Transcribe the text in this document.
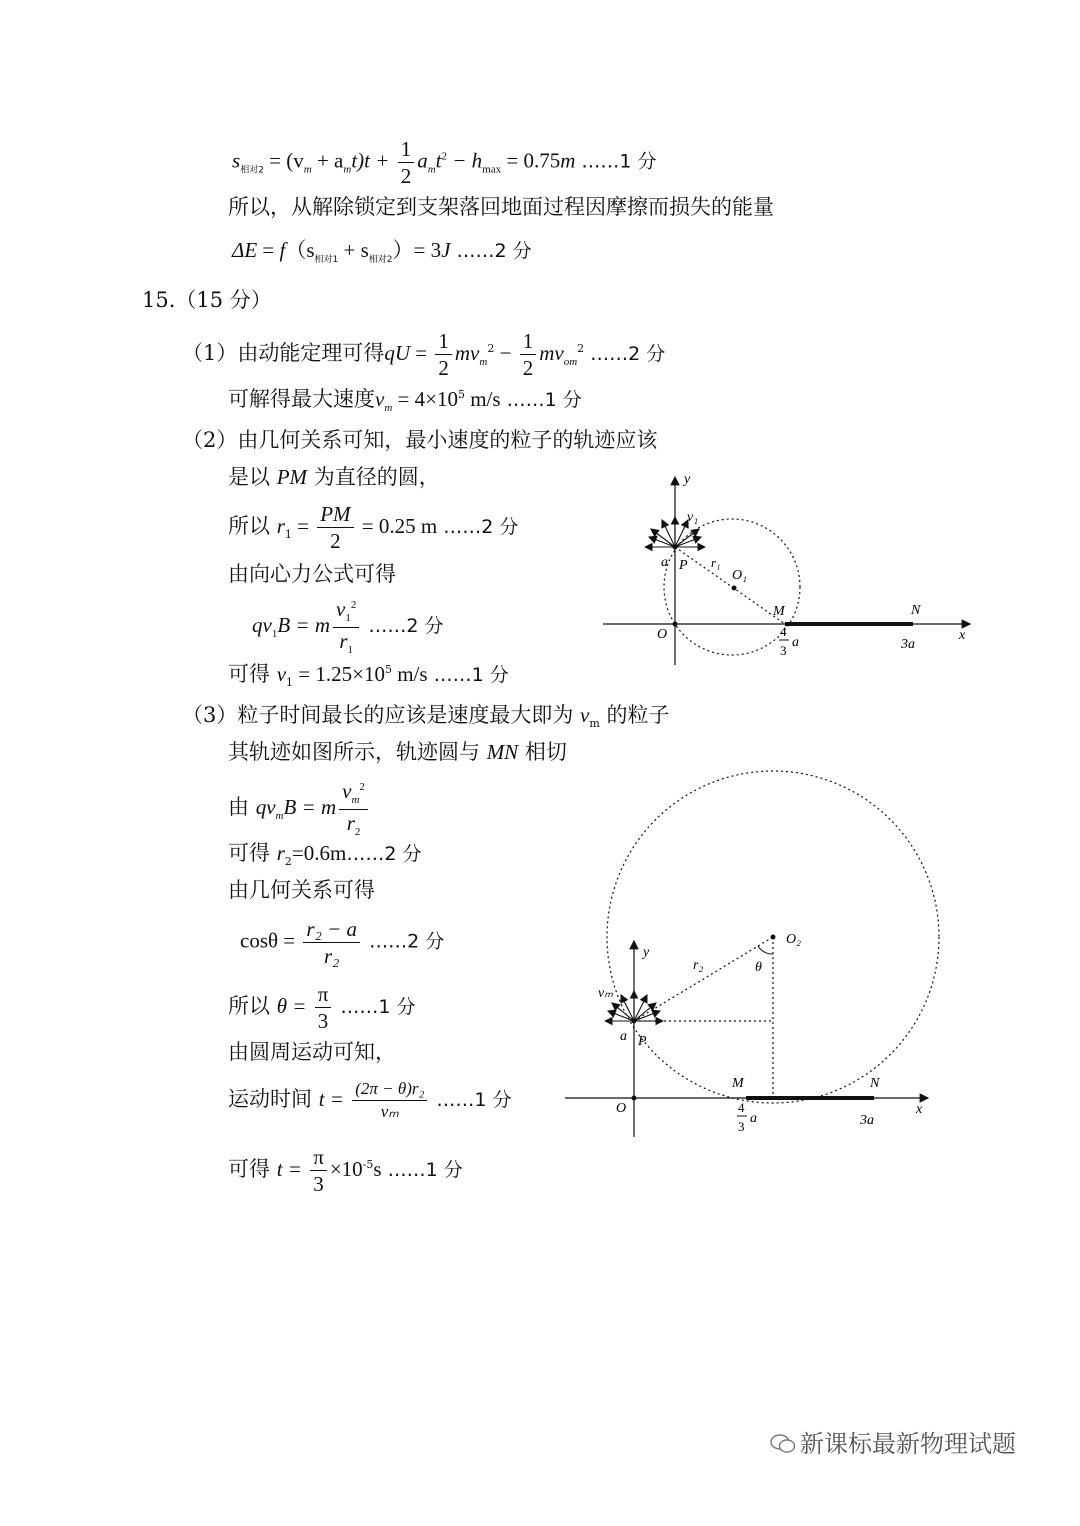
$s_{相对2} = (v_m + a_mt)t + \frac{1}{2} a_mt^2 - h_{max} = 0.75m$ ……1 分
所以，从解除锁定到支架落回地面过程因摩擦而损失的能量
$\Delta E = f(s_{相对1} + s_{相对2})= 3J$ ……2 分
15.（15 分）
（1）由动能定理可得qU = $\frac{1}{2} mv_m^2 - \frac{1}{2} mv_{om}^2$ ……2 分
可解得最大速度$v_m = 4\times 10^5$ m/s ……1 分
（2）由几何关系可知，最小速度的粒子的轨迹应该
是以 PM 为直径的圆，
所以 $r_1 = \frac{PM}{2} = 0.25$ m ……2 分
由向心力公式可得
$qv_1B = m \frac{v_1^2}{r_1}$ ……2 分
可得 $v_1 = 1.25\times 10^5$ m/s ……1 分
（3）粒子时间最长的应该是速度最大即为 $v_m$ 的粒子
其轨迹如图所示，轨迹圆与 MN 相切
由 $qv_mB = m \frac{v_m^2}{r_2}$
可得 $r_2=0.6m\dots\dots 2$ 分
由几何关系可得
$\cos\theta = \frac{\text{r₂ − a}}{\text{r₂}}$ ……2 分
所以 $\theta = \frac{\pi}{3}$ ……1 分
由圆周运动可知，
运动时间 $t = \frac{\text{(2π − θ)r₂}}{\text{vₘ}}$ ……1 分
可得 $t = \frac{\pi}{3} \times 10^{-5}s$ ……1 分
y
x
v₁
r₁
O₁
a P
M	N
O	4
3
a	3a
y
x
vₘ
r₂
O₂
θ
a P
M	N
O	4
3
a	3a
新课标最新物理试题
